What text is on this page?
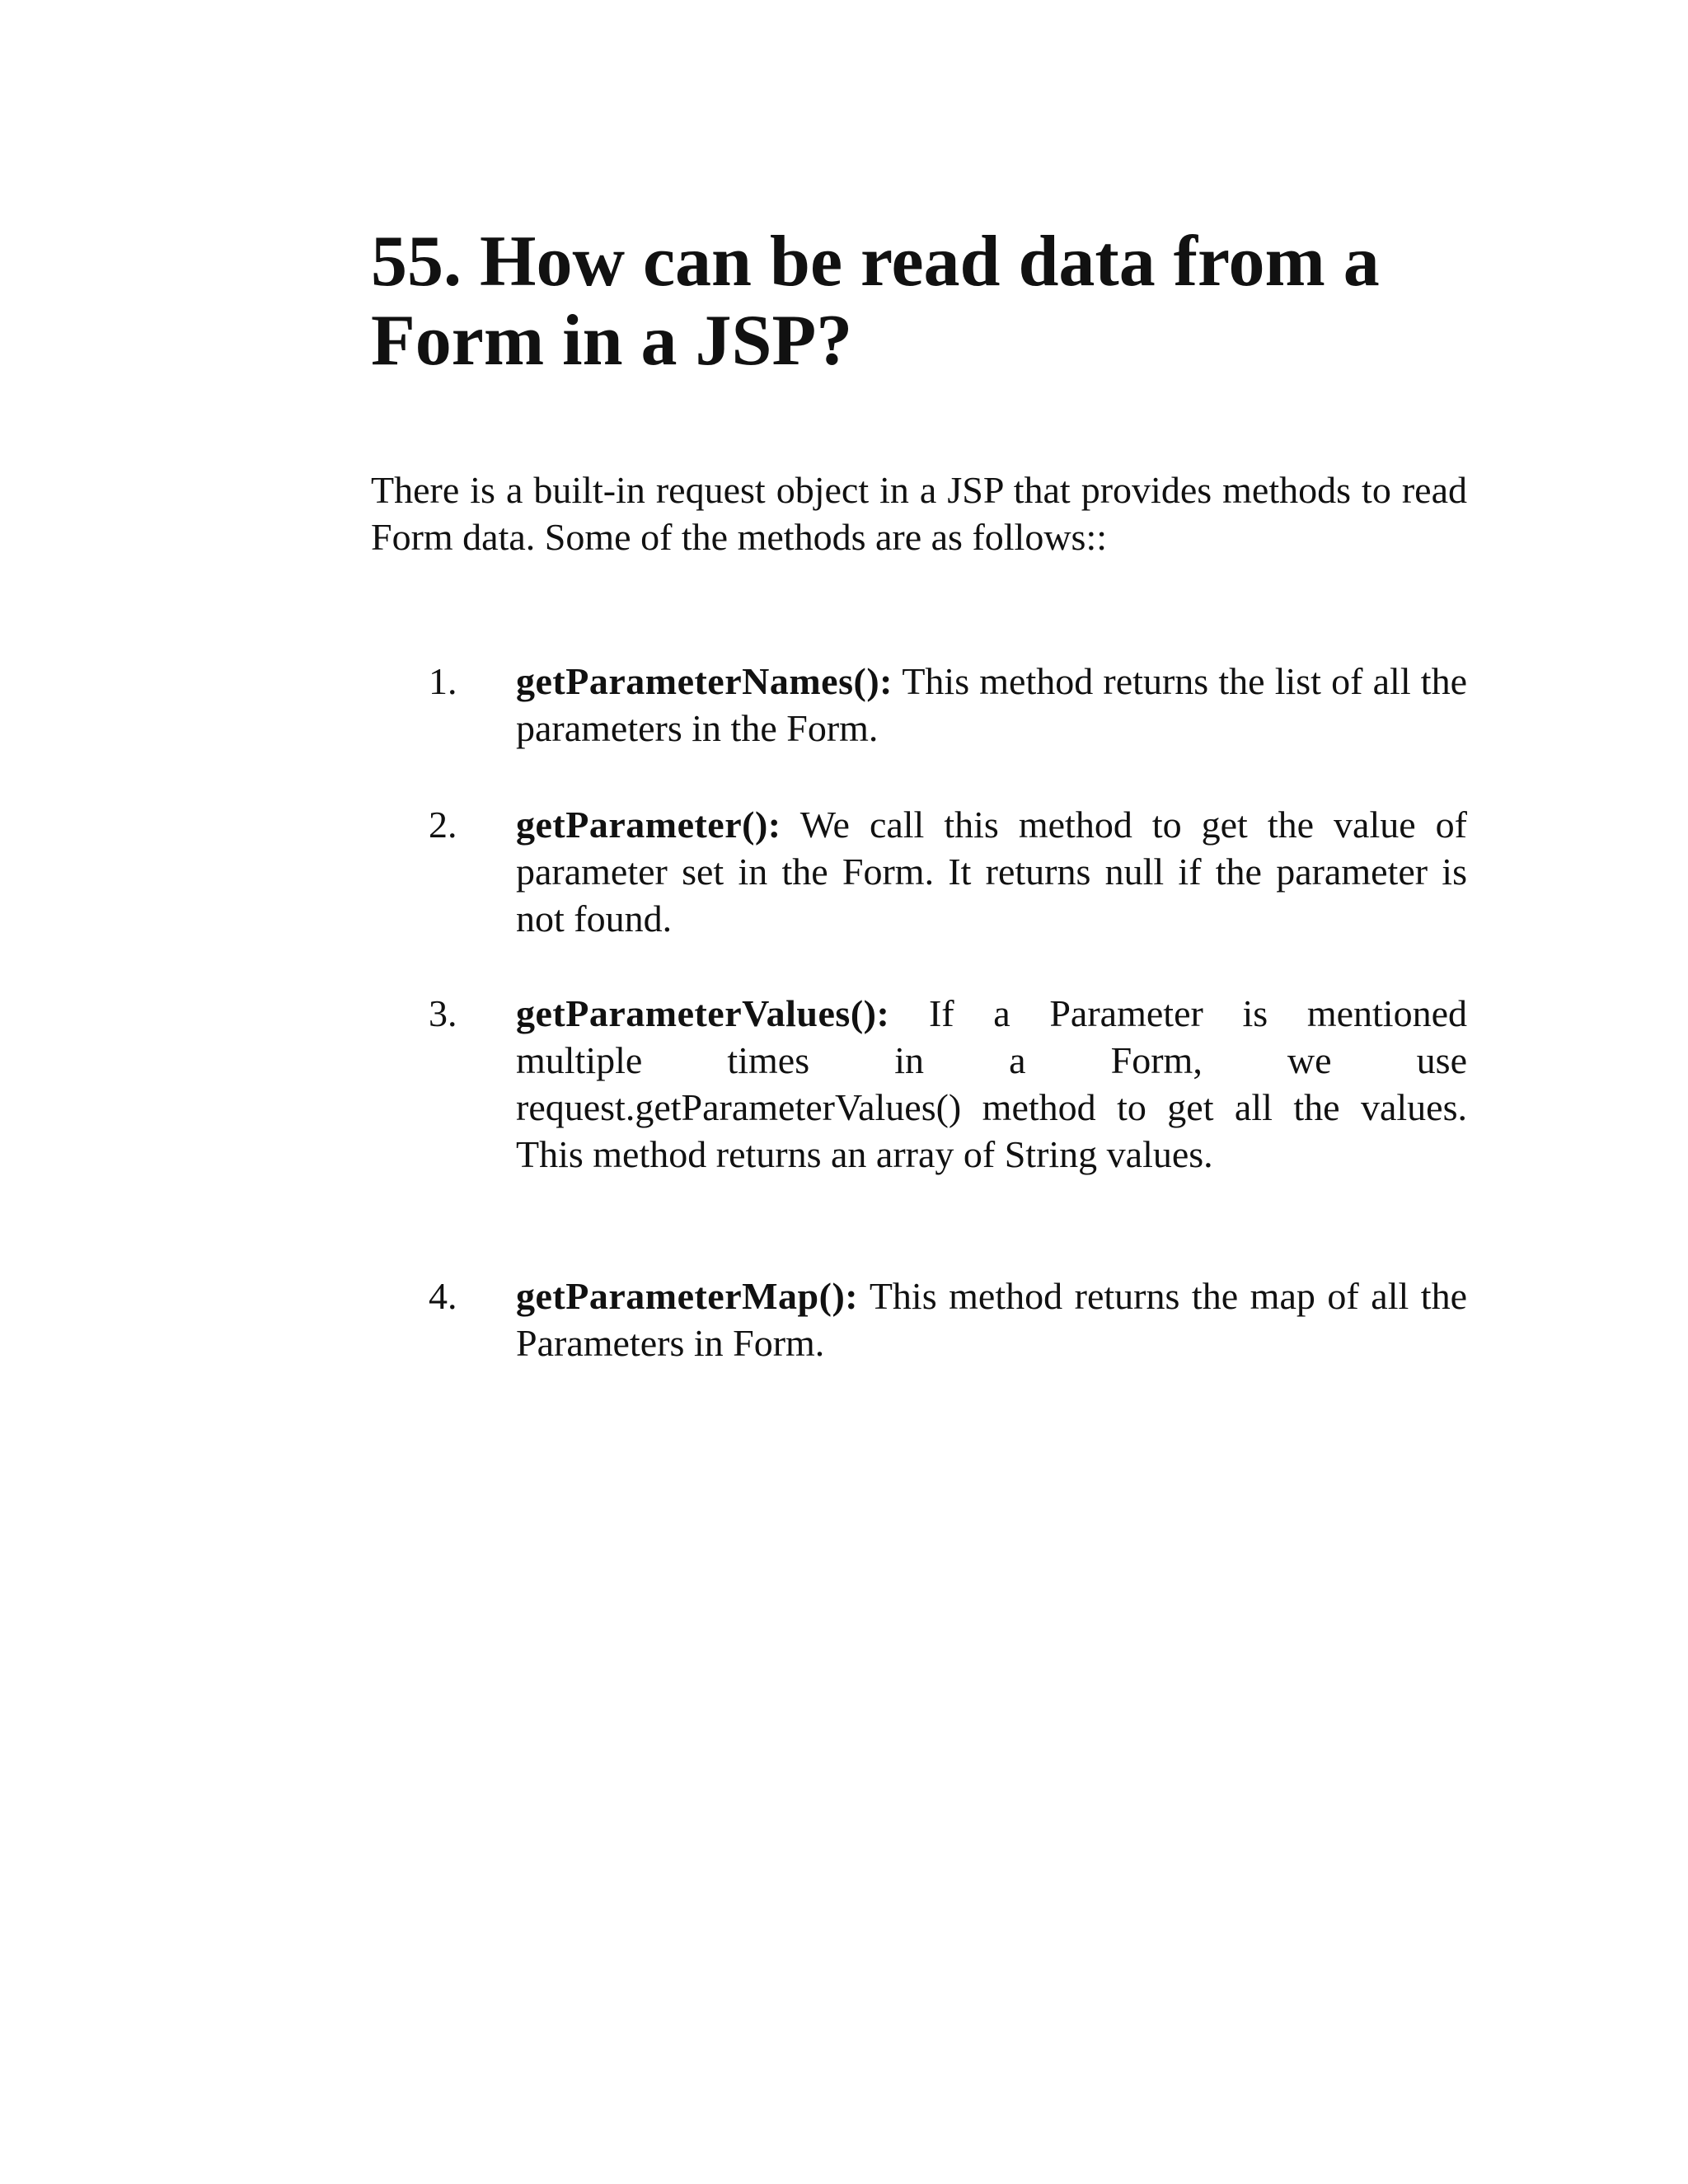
55. How can be read data from a
Form in a JSP?

There is a built-in request object in a JSP that provides methods to read Form data. Some of the methods are as follows::

1. getParameterNames(): This method returns the list of all the parameters in the Form.

2. getParameter(): We call this method to get the value of parameter set in the Form. It returns null if the parameter is not found.

3. getParameterValues(): If a Parameter is mentioned
multiple times in a Form, we use
request.getParameterValues() method to get all the values. This method returns an array of String values.
4. getParameterMap(): This method returns the map of all the Parameters in Form.
